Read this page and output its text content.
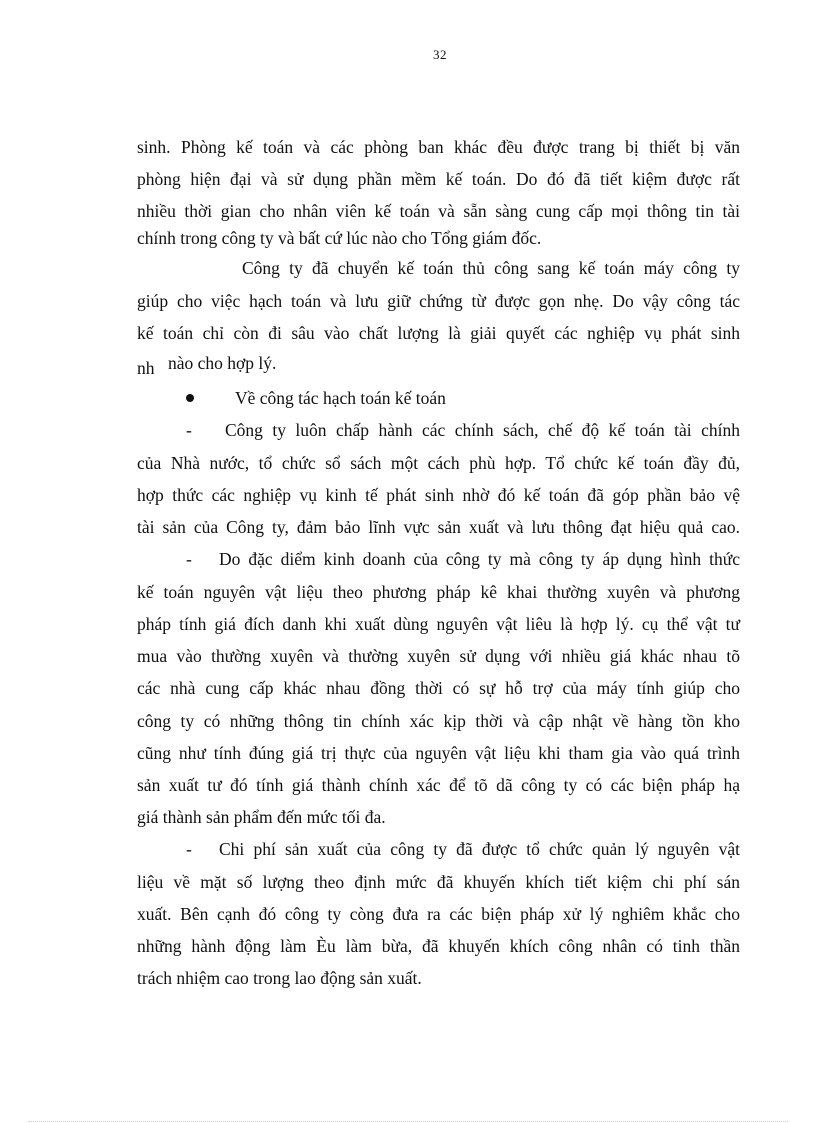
32
sinh. Phòng kế toán và các phòng ban khác đều được trang bị thiết bị văn
phòng hiện đại và sử dụng phần mềm kế toán. Do đó đã tiết kiệm được rất
nhiều thời gian cho nhân viên kế toán và sẵn sàng cung cấp mọi thông tin tài
chính trong công ty và bất cứ lúc nào cho Tổng giám đốc.
Công ty đã chuyển kế toán thủ công sang kế toán máy công ty
giúp cho việc hạch toán và lưu giữ chứng từ được gọn nhẹ. Do vậy công tác
kế toán chỉ còn đi sâu vào chất lượng là giải quyết các nghiệp vụ phát sinh
nh nào cho hợp lý.
Về công tác hạch toán kế toán
- Công ty luôn chấp hành các chính sách, chế độ kế toán tài chính
của Nhà nước, tổ chức sổ sách một cách phù hợp. Tổ chức kế toán đầy đủ,
hợp thức các nghiệp vụ kinh tế phát sinh nhờ đó kế toán đã góp phần bảo vệ
tài sản của Công ty, đảm bảo lĩnh vực sản xuất và lưu thông đạt hiệu quả cao.
- Do đặc diểm kinh doanh của công ty mà công ty áp dụng hình thức
kế toán nguyên vật liệu theo phương pháp kê khai thường xuyên và phương
pháp tính giá đích danh khi xuất dùng nguyên vật liêu là hợp lý. cụ thể vật tư
mua vào thường xuyên và thường xuyên sử dụng với nhiều giá khác nhau tõ
các nhà cung cấp khác nhau đồng thời có sự hỗ trợ của máy tính giúp cho
công ty có những thông tin chính xác kịp thời và cập nhật về hàng tồn kho
cũng như tính đúng giá trị thực của nguyên vật liệu khi tham gia vào quá trình
sản xuất tư đó tính giá thành chính xác để tõ dã công ty có các biện pháp hạ
giá thành sản phẩm đến mức tối đa.
- Chi phí sản xuất của công ty đã được tổ chức quản lý nguyên vật
liệu về mặt số lượng theo định mức đã khuyến khích tiết kiệm chi phí sán
xuất. Bên cạnh đó công ty còng đưa ra các biện pháp xử lý nghiêm khắc cho
những hành động làm Èu làm bừa, đã khuyến khích công nhân có tinh thần
trách nhiệm cao trong lao động sản xuất.
